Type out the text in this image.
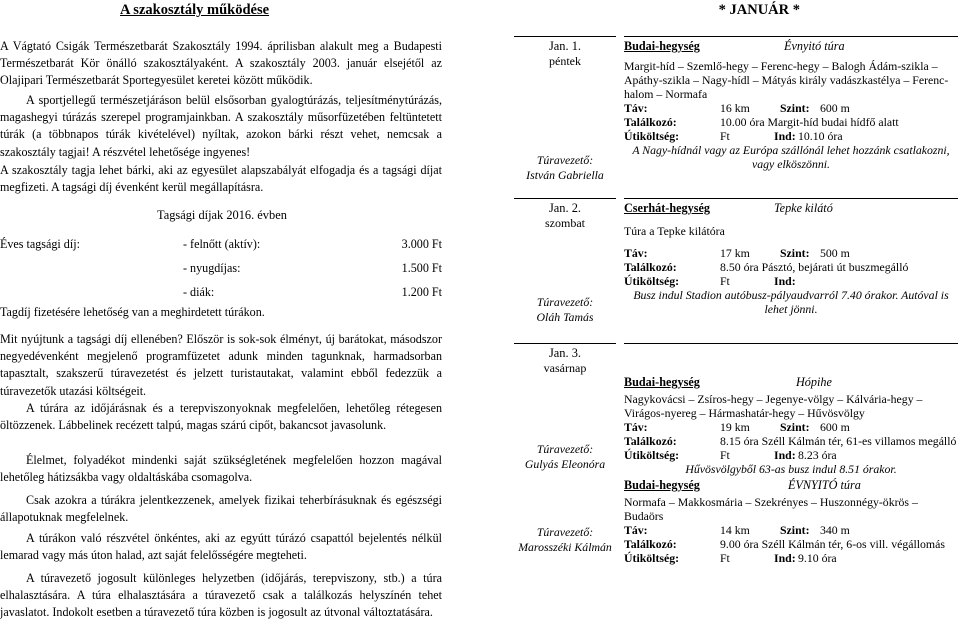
A szakosztály működése

A Vágtató Csigák Természetbarát Szakosztály 1994. áprilisban alakult meg a Budapesti Természetbarát Kör önálló szakosztályaként. A szakosztály 2003. január elsejétől az Olajipari Természetbarát Sportegyesület keretei között működik.

A sportjellegű természetjáráson belül elsősorban gyalogtúrázás, teljesítménytúrázás, magashegyi túrázás szerepel programjainkban. A szakosztály műsorfüzetében feltüntetett túrák (a többnapos túrák kivételével) nyíltak, azokon bárki részt vehet, nemcsak a szakosztály tagjai! A részvétel lehetősége ingyenes!

A szakosztály tagja lehet bárki, aki az egyesület alapszabályát elfogadja és a tagsági díjat megfizeti. A tagsági díj évenként kerül megállapításra.

Tagsági díjak 2016. évben
Éves tagsági díj:	- felnőtt (aktív):	3.000 Ft
- nyugdíjas:	1.500 Ft
- diák:	1.200 Ft
Tagdíj fizetésére lehetőség van a meghirdetett túrákon.

Mit nyújtunk a tagsági díj ellenében? Először is sok-sok élményt, új barátokat, másodszor negyedévenként megjelenő programfüzetet adunk minden tagunknak, harmadsorban tapasztalt, szakszerű túravezetést és jelzett turistautakat, valamint ebből fedezzük a túravezetők utazási költségeit.

A túrára az időjárásnak és a terepviszonyoknak megfelelően, lehetőleg rétegesen öltözzenek. Lábbelinek recézett talpú, magas szárú cipőt, bakancsot javasolunk.

Élelmet, folyadékot mindenki saját szükségletének megfelelően hozzon magával lehetőleg hátizsákba vagy oldaltáskába csomagolva.

Csak azokra a túrákra jelentkezzenek, amelyek fizikai teherbírásuknak és egészségi állapotuknak megfelelnek.

A túrákon való részvétel önkéntes, aki az egyútt túrázó csapattól bejelentés nélkül lemarad vagy más úton halad, azt saját felelősségére megteheti.

A túravezető jogosult különleges helyzetben (időjárás, terepviszony, stb.) a túra elhalasztására. A túra elhalasztására a túravezető csak a találkozás helyszínén tehet javaslatot. Indokolt esetben a túravezető túra közben is jogosult az útvonal változtatására.

* JANUÁR *
Jan. 1.
péntek
Túravezető:
István Gabriella
Budai-hegység	Évnyitó túra
Margit-híd – Szemlő-hegy – Ferenc-hegy – Balogh Ádám-szikla – Apáthy-szikla – Nagy-hídl – Mátyás király vadászkastélya – Ferenc-halom – Normafa
Táv:	16 km	Szint: 600 m
Találkozó:	10.00 óra Margit-híd budai hídfő alatt
Útiköltség:	Ft	Ind: 10.10 óra
A Nagy-hídnál vagy az Európa szállónál lehet hozzánk csatlakozni, vagy elköszönni.
Jan. 2.
szombat
Túravezető:
Oláh Tamás
Cserhát-hegység	Tepke kilátó
Túra a Tepke kilátóra
Táv:	17 km	Szint: 500 m
Találkozó:	8.50 óra Pásztó, bejárati út buszmegálló
Útiköltség:	Ft	Ind:
Busz indul Stadion autóbusz-pályaudvarról 7.40 órakor. Autóval is lehet jönni.
Jan. 3.
vasárnap
Túravezető:
Gulyás Eleonóra
Túravezető:
Marosszéki Kálmán
Budai-hegység	Hópihe
Nagykovácsi – Zsíros-hegy – Jegenye-völgy – Kálvária-hegy – Virágos-nyereg – Hármashatár-hegy – Hűvösvölgy
Táv:	19 km	Szint: 600 m
Találkozó:	8.15 óra Széll Kálmán tér, 61-es villamos megálló
Útiköltség:	Ft	Ind: 8.23 óra
Hűvösvölgyből 63-as busz indul 8.51 órakor.
Budai-hegység	ÉVNYITÓ túra
Normafa – Makkosmária – Szekrényes – Huszonnégy-ökrös – Budaörs
Táv:	14 km	Szint: 340 m
Találkozó:	9.00 óra Széll Kálmán tér, 6-os vill. végállomás
Útiköltség:	Ft	Ind: 9.10 óra
